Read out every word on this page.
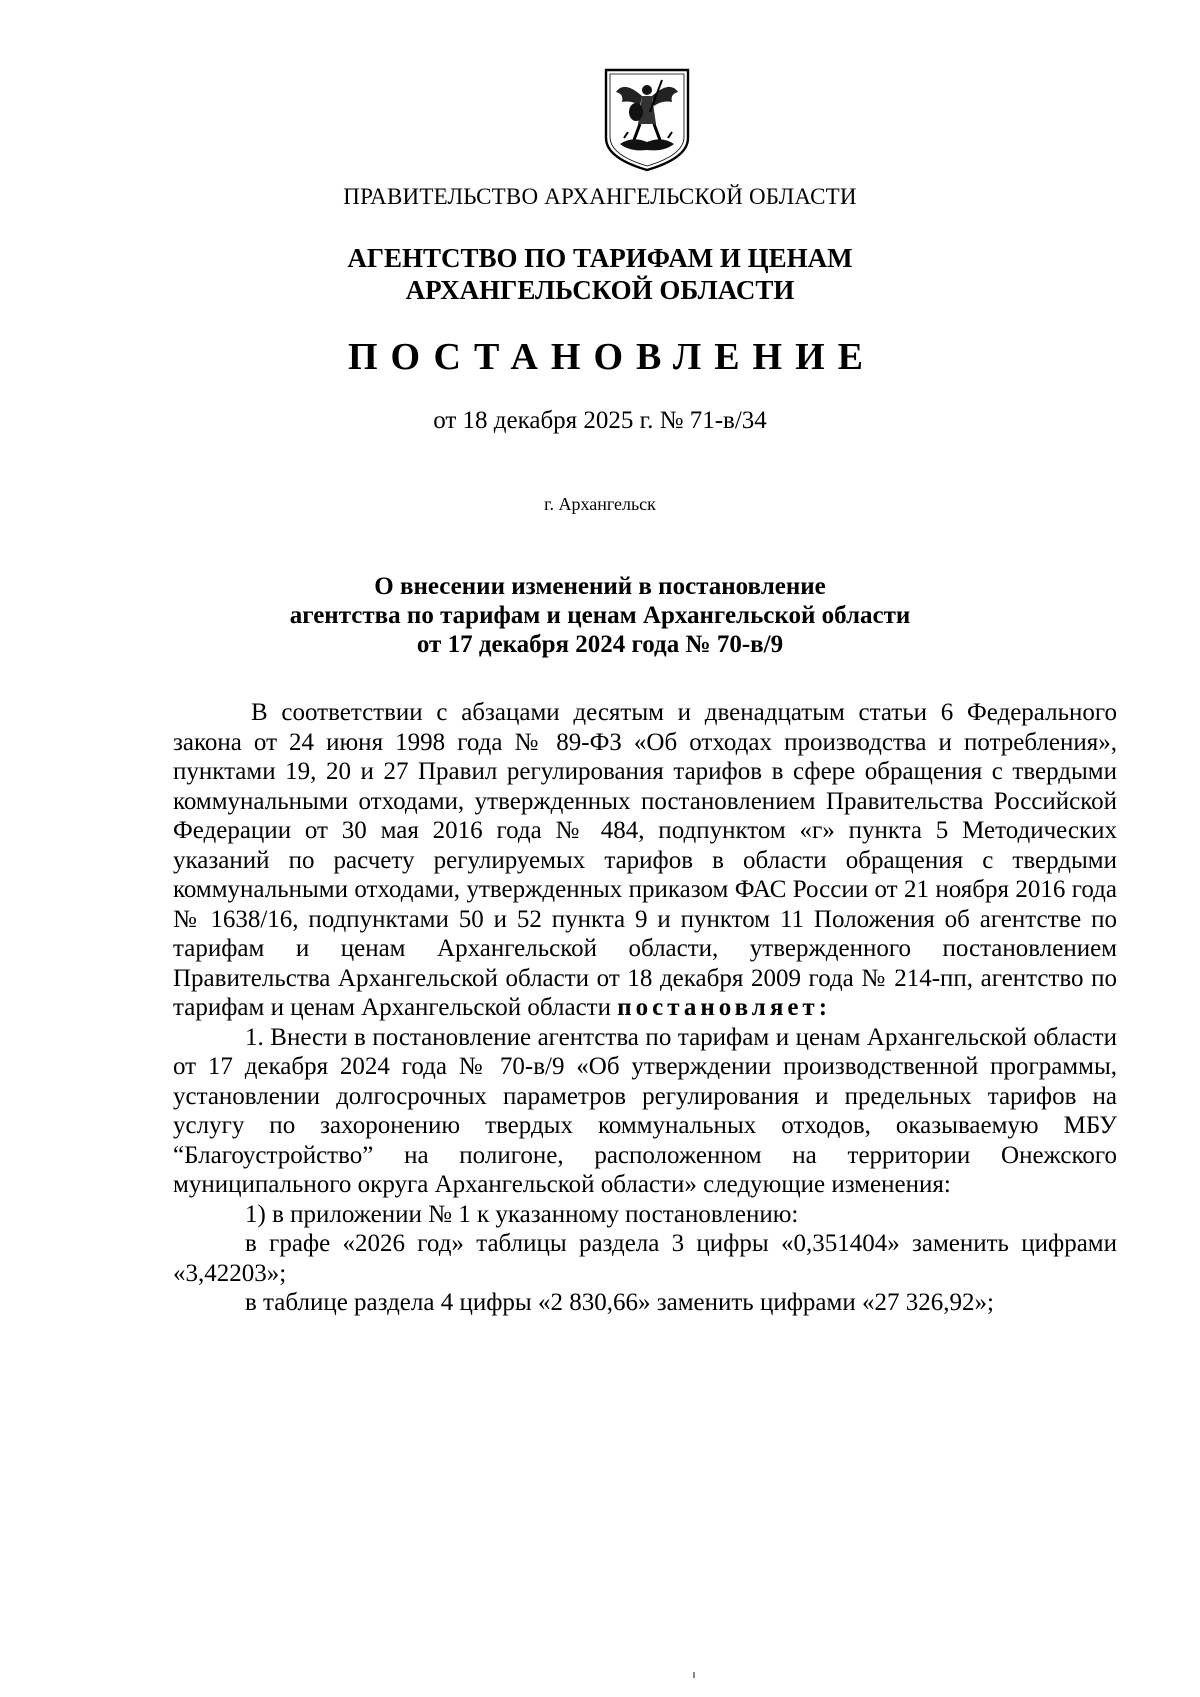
ПРАВИТЕЛЬСТВО АРХАНГЕЛЬСКОЙ ОБЛАСТИ
АГЕНТСТВО ПО ТАРИФАМ И ЦЕНАМ
АРХАНГЕЛЬСКОЙ ОБЛАСТИ
ПОСТАНОВЛЕНИЕ
от 18 декабря 2025 г. № 71-в/34
г. Архангельск
О внесении изменений в постановление
агентства по тарифам и ценам Архангельской области
от 17 декабря 2024 года № 70-в/9

В соответствии с абзацами десятым и двенадцатым статьи 6 Федерального закона от 24 июня 1998 года № 89-ФЗ «Об отходах производства и потребления», пунктами 19, 20 и 27 Правил регулирования тарифов в сфере обращения с твердыми коммунальными отходами, утвержденных постановлением Правительства Российской Федерации от 30 мая 2016 года № 484, подпунктом «г» пункта 5 Методических указаний по расчету регулируемых тарифов в области обращения с твердыми коммунальными отходами, утвержденных приказом ФАС России от 21 ноября 2016 года № 1638/16, подпунктами 50 и 52 пункта 9 и пунктом 11 Положения об агентстве по тарифам и ценам Архангельской области, утвержденного постановлением Правительства Архангельской области от 18 декабря 2009 года № 214-пп, агентство по тарифам и ценам Архангельской области постановляет:

1. Внести в постановление агентства по тарифам и ценам Архангельской области от 17 декабря 2024 года № 70-в/9 «Об утверждении производственной программы, установлении долгосрочных параметров регулирования и предельных тарифов на услугу по захоронению твердых коммунальных отходов, оказываемую МБУ “Благоустройство” на полигоне, расположенном на территории Онежского муниципального округа Архангельской области» следующие изменения:

1) в приложении № 1 к указанному постановлению:

в графе «2026 год» таблицы раздела 3 цифры «0,351404» заменить цифрами «3,42203»;

в таблице раздела 4 цифры «2 830,66» заменить цифрами «27 326,92»;
